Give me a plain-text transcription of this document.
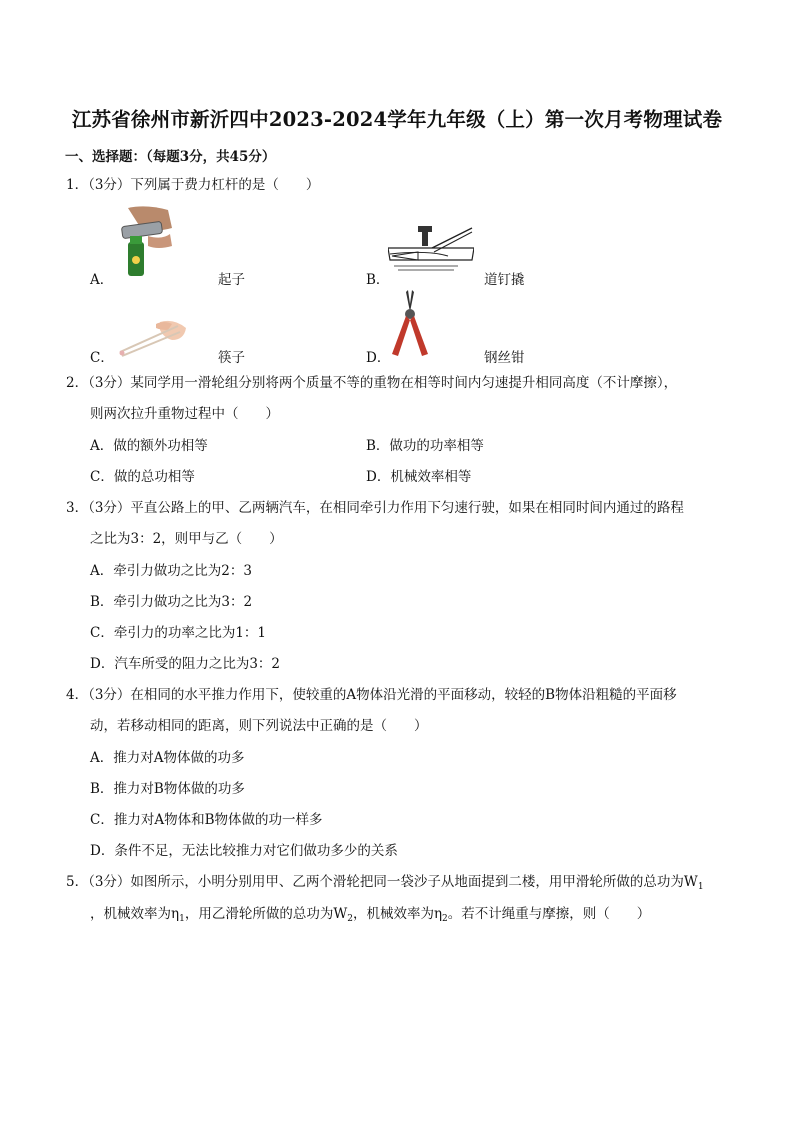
江苏省徐州市新沂四中2023-2024学年九年级（上）第一次月考物理试卷
一、选择题：（每题3分，共45分）
1．（3分）下列属于费力杠杆的是（　　）
A．	起子	B．	道钉撬
C．	筷子	D．	钢丝钳
2．（3分）某同学用一滑轮组分别将两个质量不等的重物在相等时间内匀速提升相同高度（不计摩擦），
则两次拉升重物过程中（　　）
A．做的额外功相等	B．做功的功率相等
C．做的总功相等	D．机械效率相等
3．（3分）平直公路上的甲、乙两辆汽车，在相同牵引力作用下匀速行驶，如果在相同时间内通过的路程
之比为3：2，则甲与乙（　　）
A．牵引力做功之比为2：3
B．牵引力做功之比为3：2
C．牵引力的功率之比为1：1
D．汽车所受的阻力之比为3：2
4．（3分）在相同的水平推力作用下，使较重的A物体沿光滑的平面移动，较轻的B物体沿粗糙的平面移
动，若移动相同的距离，则下列说法中正确的是（　　）
A．推力对A物体做的功多
B．推力对B物体做的功多
C．推力对A物体和B物体做的功一样多
D．条件不足，无法比较推力对它们做功多少的关系
5．（3分）如图所示，小明分别用甲、乙两个滑轮把同一袋沙子从地面提到二楼，用甲滑轮所做的总功为$W_1$
，机械效率为$\eta_1$，用乙滑轮所做的总功为$W_2$，机械效率为$\eta_2$。若不计绳重与摩擦，则（　　）
